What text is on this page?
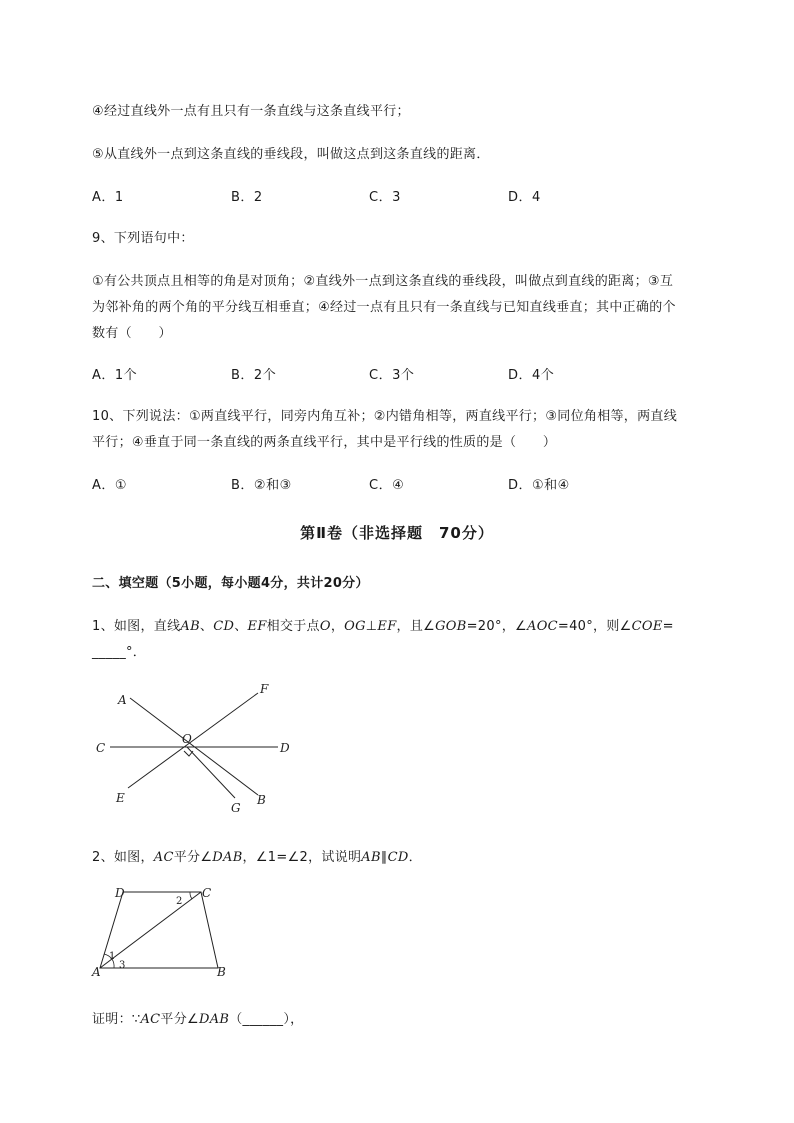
④经过直线外一点有且只有一条直线与这条直线平行；
⑤从直线外一点到这条直线的垂线段，叫做这点到这条直线的距离．
A．1	B．2	C．3	D．4
9、下列语句中：
①有公共顶点且相等的角是对顶角；②直线外一点到这条直线的垂线段，叫做点到直线的距离；③互
为邻补角的两个角的平分线互相垂直；④经过一点有且只有一条直线与已知直线垂直；其中正确的个
数有（　　）
A．1个	B．2个	C．3个	D．4个
10、下列说法：①两直线平行，同旁内角互补；②内错角相等，两直线平行；③同位角相等，两直线
平行；④垂直于同一条直线的两条直线平行，其中是平行线的性质的是（　　）
A．①	B．②和③	C．④	D．①和④
第Ⅱ卷（非选择题　70分）
二、填空题（5小题，每小题4分，共计20分）
1、如图，直线AB、CD、EF相交于点O，OG⊥EF，且∠GOB=20°，∠AOC=40°，则∠COE=
_____°．
A
F
C
O
D
E
G
B
2、如图，AC平分∠DAB，∠1=∠2，试说明AB∥CD．
D	C
A	B
1
2
3
证明：∵AC平分∠DAB（______），
